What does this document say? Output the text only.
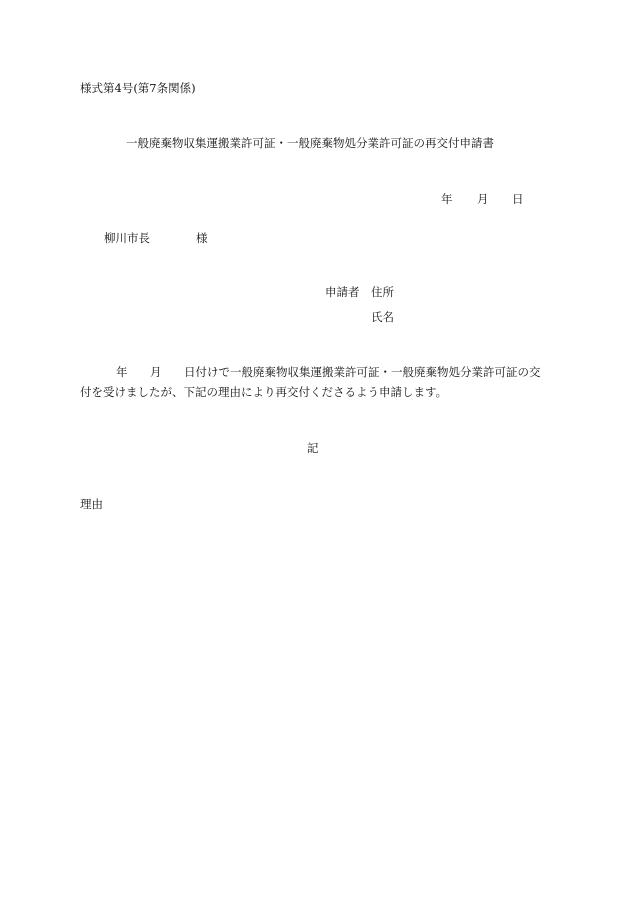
様式第4号(第7条関係)
一般廃棄物収集運搬業許可証・一般廃棄物処分業許可証の再交付申請書
年 月 日
柳川市長	様
申請者 住所
氏名
年 月 日付けで一般廃棄物収集運搬業許可証・一般廃棄物処分業許可証の交
付を受けましたが、下記の理由により再交付くださるよう申請します。
記
理由
